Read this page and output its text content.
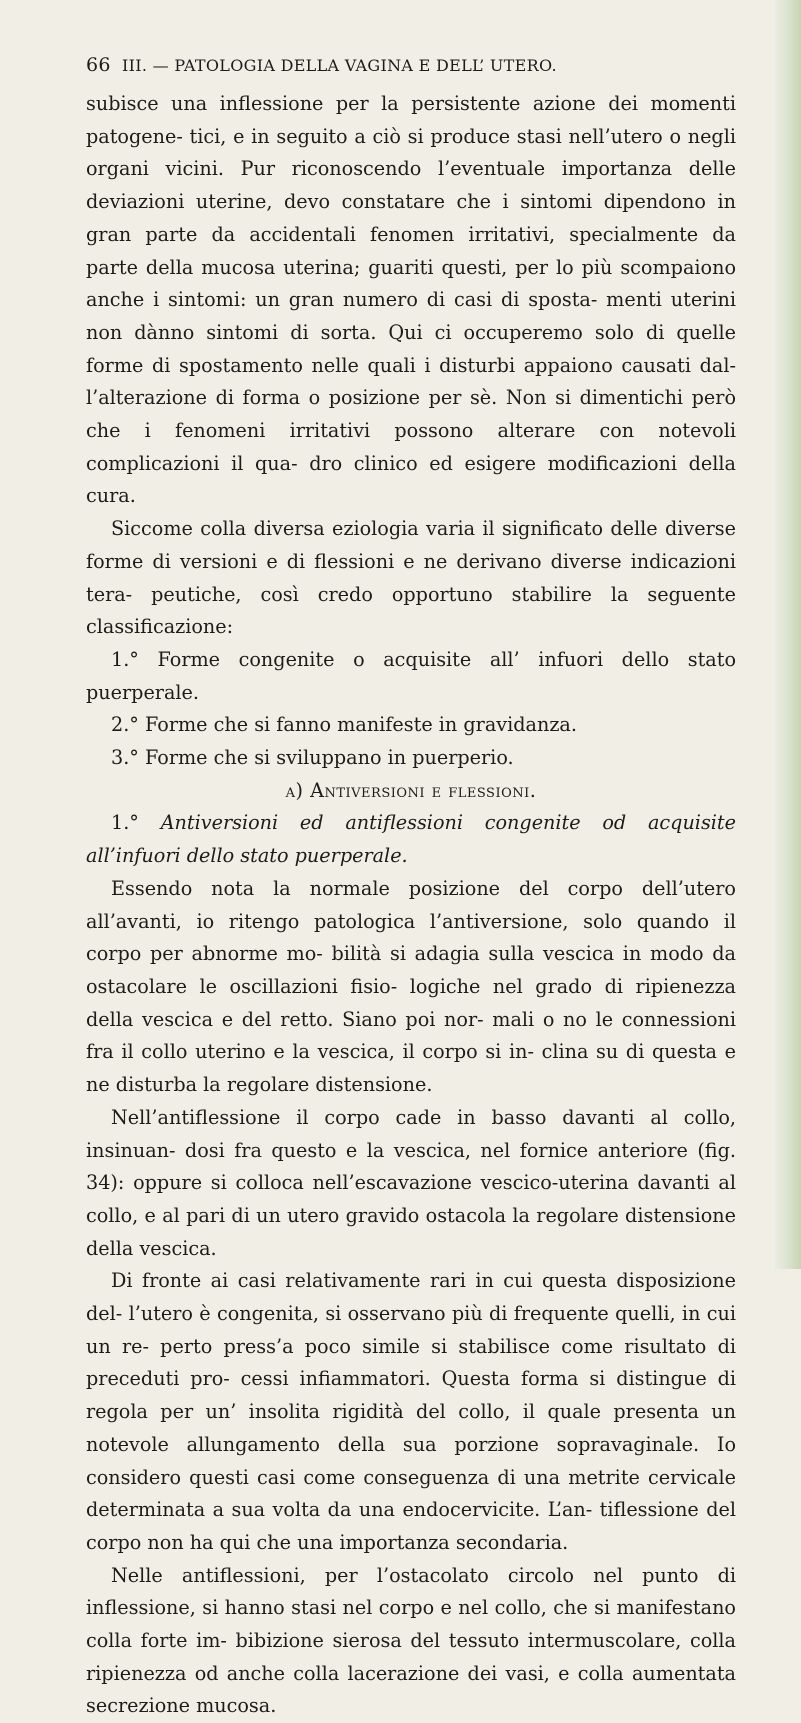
66 III. — PATOLOGIA DELLA VAGINA E DELL’ UTERO.

subisce una inflessione per la persistente azione dei momenti patogene- tici, e in seguito a ciò si produce stasi nell’utero o negli organi vicini. Pur riconoscendo l’eventuale importanza delle deviazioni uterine, devo constatare che i sintomi dipendono in gran parte da accidentali fenomen irritativi, specialmente da parte della mucosa uterina; guariti questi, per lo più scompaiono anche i sintomi: un gran numero di casi di sposta- menti uterini non dànno sintomi di sorta. Qui ci occuperemo solo di quelle forme di spostamento nelle quali i disturbi appaiono causati dal- l’alterazione di forma o posizione per sè. Non si dimentichi però che i fenomeni irritativi possono alterare con notevoli complicazioni il qua- dro clinico ed esigere modificazioni della cura.

Siccome colla diversa eziologia varia il significato delle diverse forme di versioni e di flessioni e ne derivano diverse indicazioni tera- peutiche, così credo opportuno stabilire la seguente classificazione:

1.° Forme congenite o acquisite all’ infuori dello stato puerperale.

2.° Forme che si fanno manifeste in gravidanza.

3.° Forme che si sviluppano in puerperio.

α) Antiversioni e flessioni.

1.° Antiversioni ed antiflessioni congenite od acquisite all’infuori dello stato puerperale.

Essendo nota la normale posizione del corpo dell’utero all’avanti, io ritengo patologica l’antiversione, solo quando il corpo per abnorme mo- bilità si adagia sulla vescica in modo da ostacolare le oscillazioni fisio- logiche nel grado di ripienezza della vescica e del retto. Siano poi nor- mali o no le connessioni fra il collo uterino e la vescica, il corpo si in- clina su di questa e ne disturba la regolare distensione.

Nell’antiflessione il corpo cade in basso davanti al collo, insinuan- dosi fra questo e la vescica, nel fornice anteriore (fig. 34): oppure si colloca nell’escavazione vescico-uterina davanti al collo, e al pari di un utero gravido ostacola la regolare distensione della vescica.

Di fronte ai casi relativamente rari in cui questa disposizione del- l’utero è congenita, si osservano più di frequente quelli, in cui un re- perto press’a poco simile si stabilisce come risultato di preceduti pro- cessi infiammatori. Questa forma si distingue di regola per un’ insolita rigidità del collo, il quale presenta un notevole allungamento della sua porzione sopravaginale. Io considero questi casi come conseguenza di una metrite cervicale determinata a sua volta da una endocervicite. L’an- tiflessione del corpo non ha qui che una importanza secondaria.

Nelle antiflessioni, per l’ostacolato circolo nel punto di inflessione, si hanno stasi nel corpo e nel collo, che si manifestano colla forte im- bibizione sierosa del tessuto intermuscolare, colla ripienezza od anche colla lacerazione dei vasi, e colla aumentata secrezione mucosa.
